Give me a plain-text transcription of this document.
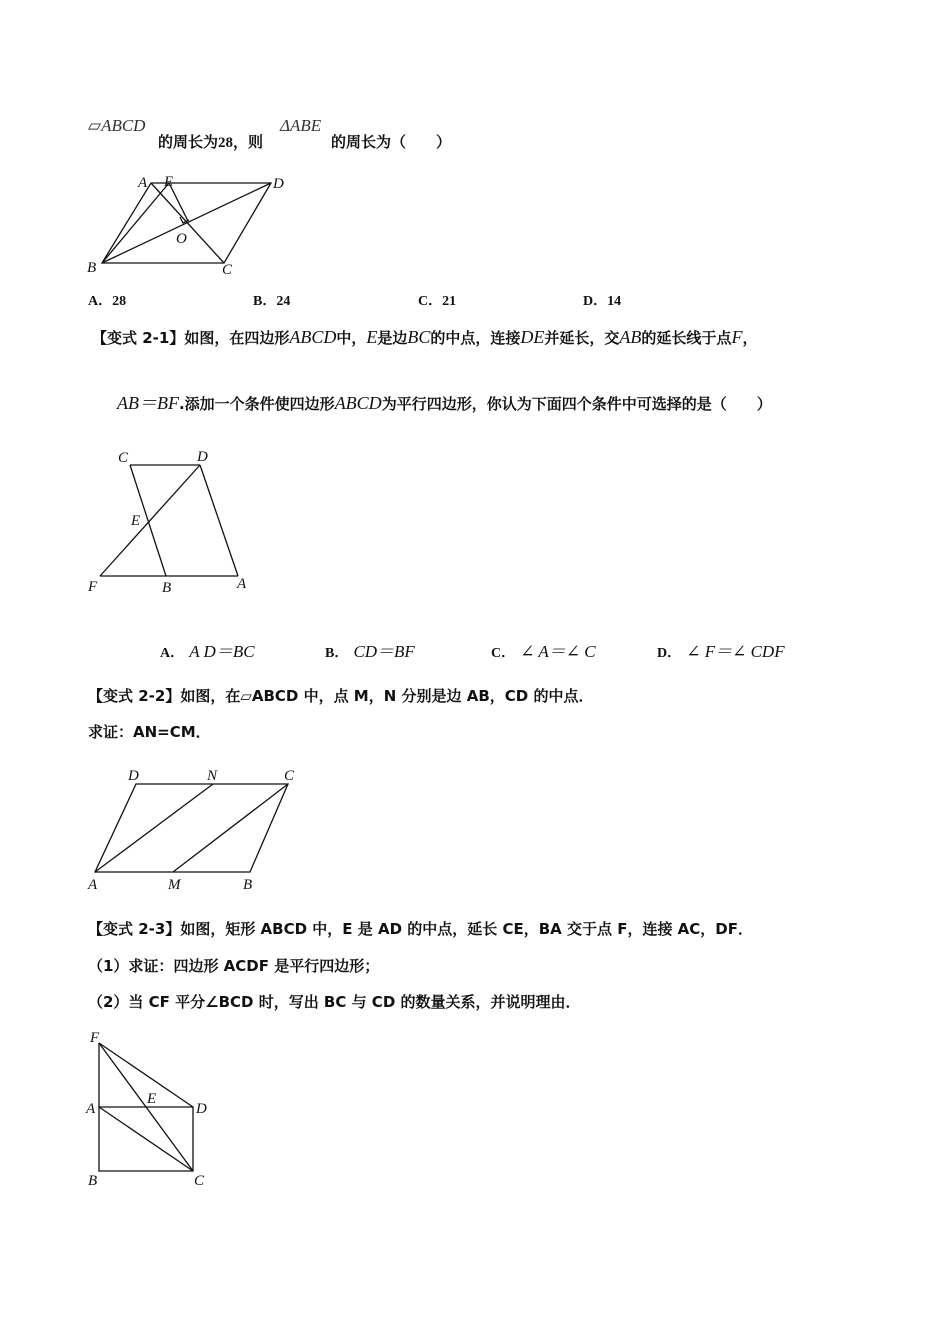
▱ABCD
的周长为28，则
ΔABE
的周长为（　　）
A E	D
O
B	C
A．28	B．24	C．21	D．14
【变式 2-1】如图，在四边形ABCD中，E是边BC的中点，连接DE并延长，交AB的延长线于点F，
AB＝BF.添加一个条件使四边形ABCD为平行四边形，你认为下面四个条件中可选择的是（　　）
C	D
E
F	B	A
A． A D＝BC	B． CD＝BF	C． ∠ A＝∠ C	D． ∠ F＝∠ CDF
【变式 2-2】如图，在▱ABCD 中，点 M，N 分别是边 AB，CD 的中点．
求证：AN=CM．
D	N	C
A	M	B
【变式 2-3】如图，矩形 ABCD 中，E 是 AD 的中点，延长 CE，BA 交于点 F，连接 AC，DF．
（1）求证：四边形 ACDF 是平行四边形；
（2）当 CF 平分∠BCD 时，写出 BC 与 CD 的数量关系，并说明理由．
F
A
E
D
B	C
